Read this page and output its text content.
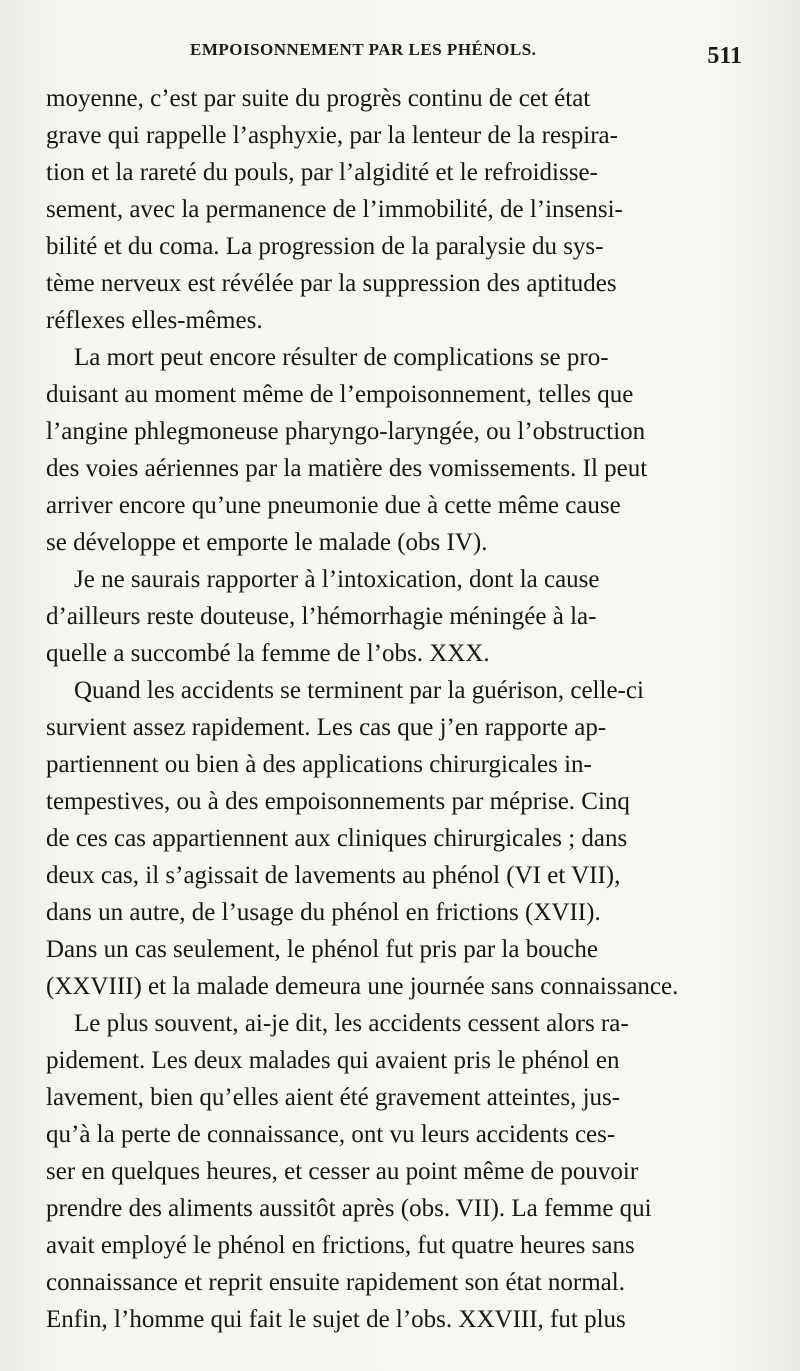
EMPOISONNEMENT PAR LES PHÉNOLS.	511
moyenne, c’est par suite du progrès continu de cet état
grave qui rappelle l’asphyxie, par la lenteur de la respira-
tion et la rareté du pouls, par l’algidité et le refroidisse-
sement, avec la permanence de l’immobilité, de l’insensi-
bilité et du coma. La progression de la paralysie du sys-
tème nerveux est révélée par la suppression des aptitudes
réflexes elles-mêmes.
La mort peut encore résulter de complications se pro-
duisant au moment même de l’empoisonnement, telles que
l’angine phlegmoneuse pharyngo-laryngée, ou l’obstruction
des voies aériennes par la matière des vomissements. Il peut
arriver encore qu’une pneumonie due à cette même cause
se développe et emporte le malade (obs IV).
Je ne saurais rapporter à l’intoxication, dont la cause
d’ailleurs reste douteuse, l’hémorrhagie méningée à la-
quelle a succombé la femme de l’obs. XXX.
Quand les accidents se terminent par la guérison, celle-ci
survient assez rapidement. Les cas que j’en rapporte ap-
partiennent ou bien à des applications chirurgicales in-
tempestives, ou à des empoisonnements par méprise. Cinq
de ces cas appartiennent aux cliniques chirurgicales ; dans
deux cas, il s’agissait de lavements au phénol (VI et VII),
dans un autre, de l’usage du phénol en frictions (XVII).
Dans un cas seulement, le phénol fut pris par la bouche
(XXVIII) et la malade demeura une journée sans connaissance.
Le plus souvent, ai-je dit, les accidents cessent alors ra-
pidement. Les deux malades qui avaient pris le phénol en
lavement, bien qu’elles aient été gravement atteintes, jus-
qu’à la perte de connaissance, ont vu leurs accidents ces-
ser en quelques heures, et cesser au point même de pouvoir
prendre des aliments aussitôt après (obs. VII). La femme qui
avait employé le phénol en frictions, fut quatre heures sans
connaissance et reprit ensuite rapidement son état normal.
Enfin, l’homme qui fait le sujet de l’obs. XXVIII, fut plus
